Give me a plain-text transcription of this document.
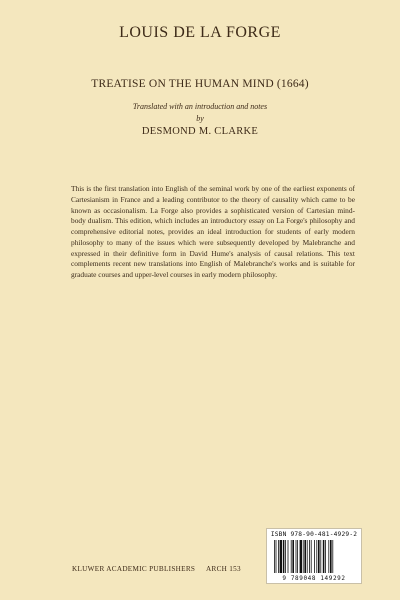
LOUIS DE LA FORGE
TREATISE ON THE HUMAN MIND (1664)
Translated with an introduction and notes
by
DESMOND M. CLARKE
This is the first translation into English of the seminal work by one of the earliest exponents of Cartesianism in France and a leading contributor to the theory of causality which came to be known as occasionalism. La Forge also provides a sophisticated version of Cartesian mind-body dualism. This edition, which includes an introductory essay on La Forge's philosophy and comprehensive editorial notes, provides an ideal introduction for students of early modern philosophy to many of the issues which were subsequently developed by Malebranche and expressed in their definitive form in David Hume's analysis of causal relations. This text complements recent new translations into English of Malebranche's works and is suitable for graduate courses and upper-level courses in early modern philosophy.
ISBN 978-90-481-4929-2
9 789048 149292
KLUWER ACADEMIC PUBLISHERS ARCH 153
